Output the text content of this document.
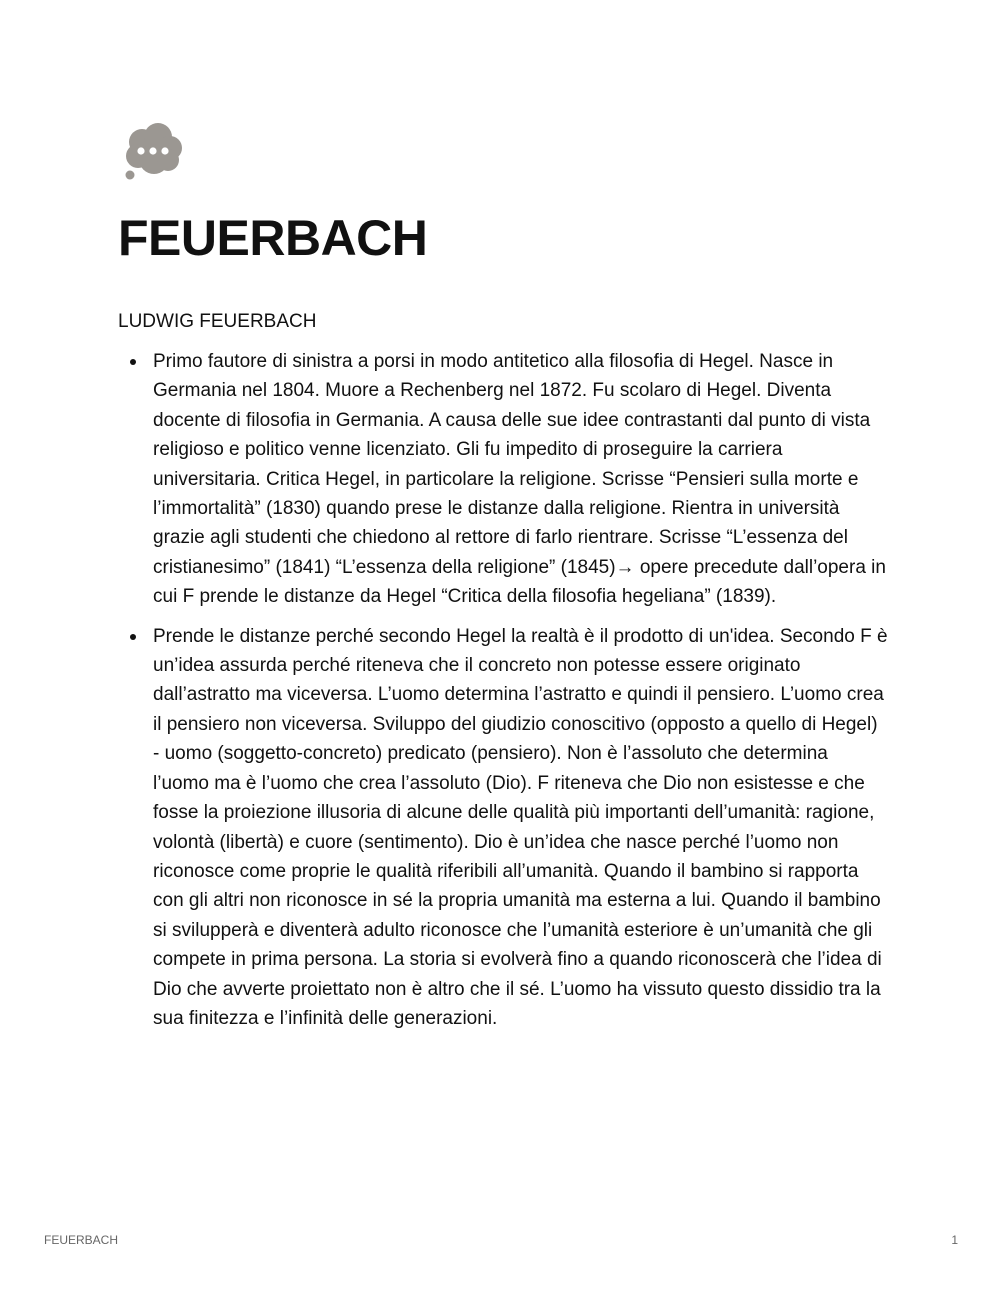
FEUERBACH

LUDWIG FEUERBACH

Primo fautore di sinistra a porsi in modo antitetico alla filosofia di Hegel. Nasce in Germania nel 1804. Muore a Rechenberg nel 1872. Fu scolaro di Hegel. Diventa docente di filosofia in Germania. A causa delle sue idee contrastanti dal punto di vista religioso e politico venne licenziato. Gli fu impedito di proseguire la carriera universitaria. Critica Hegel, in particolare la religione. Scrisse “Pensieri sulla morte e l’immortalità” (1830) quando prese le distanze dalla religione. Rientra in università grazie agli studenti che chiedono al rettore di farlo rientrare. Scrisse “L’essenza del cristianesimo” (1841) “L’essenza della religione” (1845)→ opere precedute dall’opera in cui F prende le distanze da Hegel “Critica della filosofia hegeliana” (1839).
Prende le distanze perché secondo Hegel la realtà è il prodotto di un'idea. Secondo F è un’idea assurda perché riteneva che il concreto non potesse essere originato dall’astratto ma viceversa. L’uomo determina l’astratto e quindi il pensiero. L’uomo crea il pensiero non viceversa. Sviluppo del giudizio conoscitivo (opposto a quello di Hegel) - uomo (soggetto-concreto) predicato (pensiero). Non è l’assoluto che determina l’uomo ma è l’uomo che crea l’assoluto (Dio). F riteneva che Dio non esistesse e che fosse la proiezione illusoria di alcune delle qualità più importanti dell’umanità: ragione, volontà (libertà) e cuore (sentimento). Dio è un’idea che nasce perché l’uomo non riconosce come proprie le qualità riferibili all’umanità. Quando il bambino si rapporta con gli altri non riconosce in sé la propria umanità ma esterna a lui. Quando il bambino si svilupperà e diventerà adulto riconosce che l’umanità esteriore è un’umanità che gli compete in prima persona. La storia si evolverà fino a quando riconoscerà che l’idea di Dio che avverte proiettato non è altro che il sé. L’uomo ha vissuto questo dissidio tra la sua finitezza e l’infinità delle generazioni.
FEUERBACH	1
